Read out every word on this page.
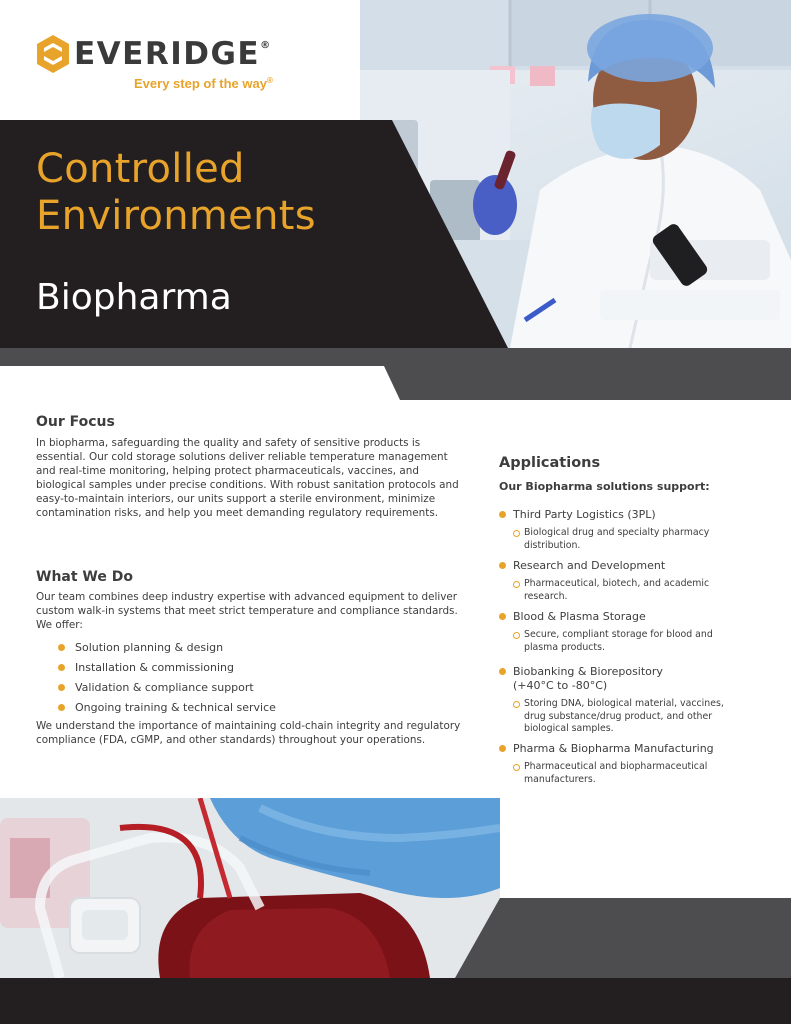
EVERIDGE®
Every step of the way®
Controlled
Environments
Biopharma
Our Focus
In biopharma, safeguarding the quality and safety of sensitive products is essential. Our cold storage solutions deliver reliable temperature management and real-time monitoring, helping protect pharmaceuticals, vaccines, and biological samples under precise conditions. With robust sanitation protocols and easy-to-maintain interiors, our units support a sterile environment, minimize contamination risks, and help you meet demanding regulatory requirements.
What We Do
Our team combines deep industry expertise with advanced equipment to deliver custom walk-in systems that meet strict temperature and compliance standards. We offer:
Solution planning & design
Installation & commissioning
Validation & compliance support
Ongoing training & technical service
We understand the importance of maintaining cold-chain integrity and regulatory compliance (FDA, cGMP, and other standards) throughout your operations.
Applications
Our Biopharma solutions support:
Third Party Logistics (3PL)
Biological drug and specialty pharmacy distribution.
Research and Development
Pharmaceutical, biotech, and academic research.
Blood & Plasma Storage
Secure, compliant storage for blood and plasma products.
Biobanking & Biorepository (+40°C to -80°C)
Storing DNA, biological material, vaccines, drug substance/drug product, and other biological samples.
Pharma & Biopharma Manufacturing
Pharmaceutical and biopharmaceutical manufacturers.
